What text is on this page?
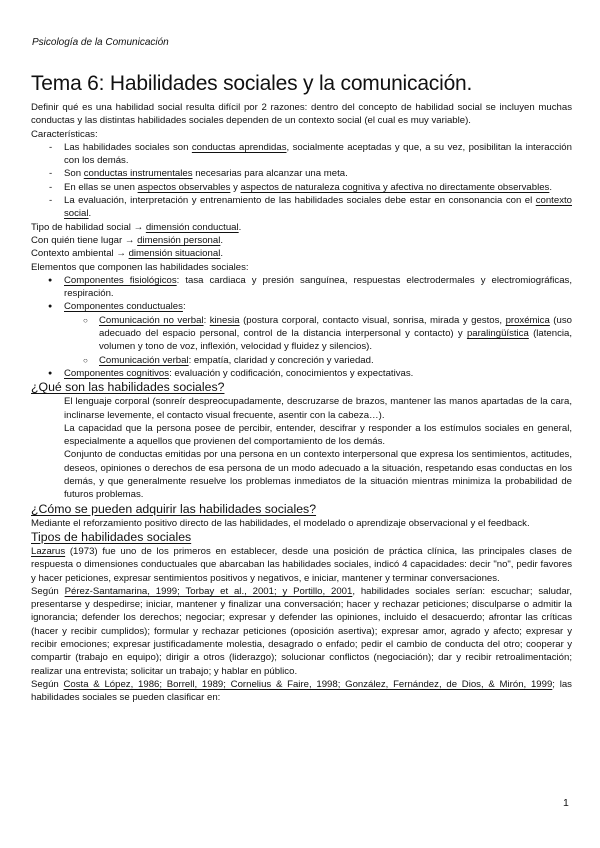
Psicología de la Comunicación
Tema 6: Habilidades sociales y la comunicación.

Definir qué es una habilidad social resulta difícil por 2 razones: dentro del concepto de habilidad social se incluyen muchas conductas y las distintas habilidades sociales dependen de un contexto social (el cual es muy variable).

Características:

- Las habilidades sociales son conductas aprendidas, socialmente aceptadas y que, a su vez, posibilitan la interacción con los demás.

- Son conductas instrumentales necesarias para alcanzar una meta.

- En ellas se unen aspectos observables y aspectos de naturaleza cognitiva y afectiva no directamente observables.

- La evaluación, interpretación y entrenamiento de las habilidades sociales debe estar en consonancia con el contexto social.

Tipo de habilidad social → dimensión conductual.

Con quién tiene lugar → dimensión personal.

Contexto ambiental → dimensión situacional.

Elementos que componen las habilidades sociales:

● Componentes fisiológicos: tasa cardiaca y presión sanguínea, respuestas electrodermales y electromiográficas, respiración.

● Componentes conductuales:

○ Comunicación no verbal: kinesia (postura corporal, contacto visual, sonrisa, mirada y gestos, proxémica (uso adecuado del espacio personal, control de la distancia interpersonal y contacto) y paralingüística (latencia, volumen y tono de voz, inflexión, velocidad y fluidez y silencios).

○ Comunicación verbal: empatía, claridad y concreción y variedad.

● Componentes cognitivos: evaluación y codificación, conocimientos y expectativas.

¿Qué son las habilidades sociales?

El lenguaje corporal (sonreír despreocupadamente, descruzarse de brazos, mantener las manos apartadas de la cara, inclinarse levemente, el contacto visual frecuente, asentir con la cabeza…).

La capacidad que la persona posee de percibir, entender, descifrar y responder a los estímulos sociales en general, especialmente a aquellos que provienen del comportamiento de los demás.

Conjunto de conductas emitidas por una persona en un contexto interpersonal que expresa los sentimientos, actitudes, deseos, opiniones o derechos de esa persona de un modo adecuado a la situación, respetando esas conductas en los demás, y que generalmente resuelve los problemas inmediatos de la situación mientras minimiza la probabilidad de futuros problemas.

¿Cómo se pueden adquirir las habilidades sociales?

Mediante el reforzamiento positivo directo de las habilidades, el modelado o aprendizaje observacional y el feedback.

Tipos de habilidades sociales

Lazarus (1973) fue uno de los primeros en establecer, desde una posición de práctica clínica, las principales clases de respuesta o dimensiones conductuales que abarcaban las habilidades sociales, indicó 4 capacidades: decir "no", pedir favores y hacer peticiones, expresar sentimientos positivos y negativos, e iniciar, mantener y terminar conversaciones.

Según Pérez-Santamarina, 1999; Torbay et al., 2001; y Portillo, 2001, habilidades sociales serían: escuchar; saludar, presentarse y despedirse; iniciar, mantener y finalizar una conversación; hacer y rechazar peticiones; disculparse o admitir la ignorancia; defender los derechos; negociar; expresar y defender las opiniones, incluido el desacuerdo; afrontar las críticas (hacer y recibir cumplidos); formular y rechazar peticiones (oposición asertiva); expresar amor, agrado y afecto; expresar y recibir emociones; expresar justificadamente molestia, desagrado o enfado; pedir el cambio de conducta del otro; cooperar y compartir (trabajo en equipo); dirigir a otros (liderazgo); solucionar conflictos (negociación); dar y recibir retroalimentación; realizar una entrevista; solicitar un trabajo; y hablar en público.

Según Costa & López, 1986; Borrell, 1989; Cornelius & Faire, 1998; González, Fernández, de Dios, & Mirón, 1999; las habilidades sociales se pueden clasificar en:

1
